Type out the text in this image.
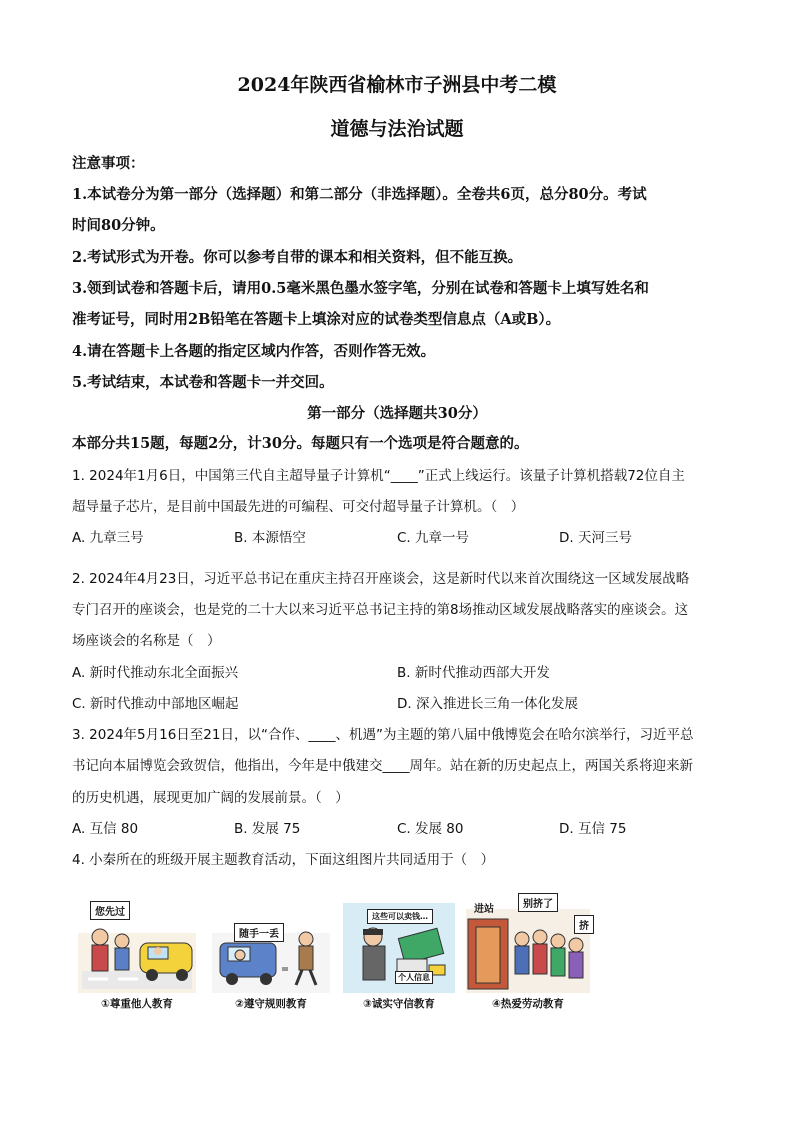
2024年陕西省榆林市子洲县中考二模
道德与法治试题
注意事项：
1.本试卷分为第一部分（选择题）和第二部分（非选择题）。全卷共6页，总分80分。考试
时间80分钟。
2.考试形式为开卷。你可以参考自带的课本和相关资料，但不能互换。
3.领到试卷和答题卡后，请用0.5毫米黑色墨水签字笔，分别在试卷和答题卡上填写姓名和
准考证号，同时用2B铅笔在答题卡上填涂对应的试卷类型信息点（A或B）。
4.请在答题卡上各题的指定区域内作答，否则作答无效。
5.考试结束，本试卷和答题卡一并交回。
第一部分（选择题共30分）
本部分共15题，每题2分，计30分。每题只有一个选项是符合题意的。
1. 2024年1月6日，中国第三代自主超导量子计算机“____”正式上线运行。该量子计算机搭载72位自主
超导量子芯片，是目前中国最先进的可编程、可交付超导量子计算机。（　）
A. 九章三号	B. 本源悟空	C. 九章一号	D. 天河三号
2. 2024年4月23日，习近平总书记在重庆主持召开座谈会，这是新时代以来首次围绕这一区域发展战略
专门召开的座谈会，也是党的二十大以来习近平总书记主持的第8场推动区域发展战略落实的座谈会。这
场座谈会的名称是（　）
A. 新时代推动东北全面振兴	B. 新时代推动西部大开发
C. 新时代推动中部地区崛起	D. 深入推进长三角一体化发展
3. 2024年5月16日至21日，以“合作、____、机遇”为主题的第八届中俄博览会在哈尔滨举行，习近平总
书记向本届博览会致贺信，他指出，今年是中俄建交____周年。站在新的历史起点上，两国关系将迎来新
的历史机遇，展现更加广阔的发展前景。（　）
A. 互信 80	B. 发展 75	C. 发展 80	D. 互信 75
4. 小秦所在的班级开展主题教育活动，下面这组图片共同适用于（　）
您先过
①尊重他人教育
随手一丢
②遵守规则教育
这些可以卖钱…
个人信息
③诚实守信教育
进站	别挤了
挤
④热爱劳动教育
